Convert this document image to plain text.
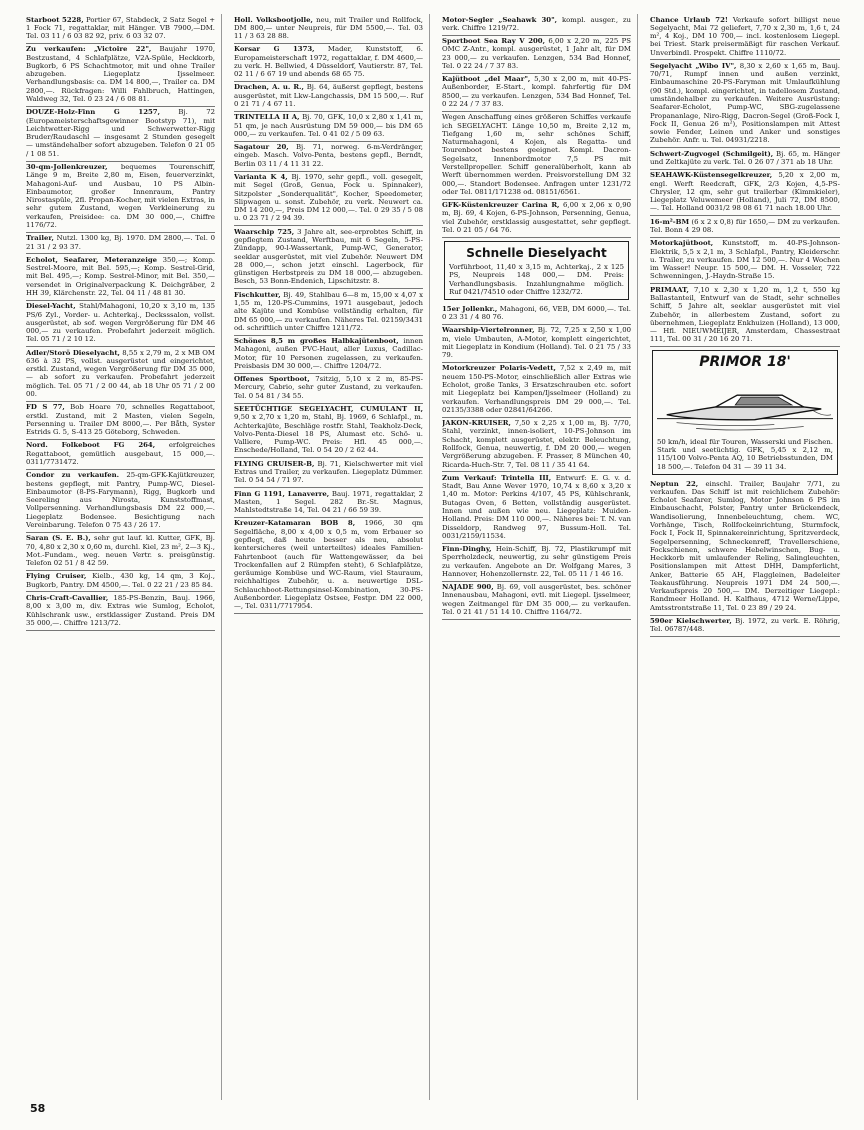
Starboot 5228, Portier 67, Stabdeck, 2 Satz Segel + 1 Fock 71, regattaklar, mit Hänger. VB 7900,—DM. Tel. 03 11 / 6 03 82 92, priv. 6 03 32 07.

Zu verkaufen: „Victoire 22", Baujahr 1970, Bestzustand, 4 Schlafplätze, V2A-Spüle, Heckkorb, Bugkorb, 6 PS Schachtmotor, mit und ohne Trailer abzugeben. Liegeplatz Ijsselmeer. Verhandlungsbasis: ca. DM 14 800,—, Trailer ca. DM 2800,—. Rückfragen: Willi Fahlbruch, Hattingen, Waldweg 32, Tel. 0 23 24 / 6 08 81.

DOUZE-Holz-Finn G 1257,	Bj. 72 (Europameisterschaftsgewinner Bootstyp 71), mit Leichtwetter-Rigg und Schwerwetter-Rigg Bruder/Raudaschl — insgesamt 2 Stunden gesegelt — umständehalber sofort abzugeben. Telefon 0 21 05 / 1 08 51.

30-qm-Jollenkreuzer, bequemes Tourenschiff, Länge 9 m, Breite 2,80 m, Eisen, feuerverzinkt, Mahagoni-Auf- und Ausbau, 10 PS Albin-Einbaumotor, großer Innenraum, Pantry Nirostaspüle, 2fl. Propan-Kocher, mit vielen Extras, in sehr gutem Zustand, wegen Verkleinerung zu verkaufen, Preisidee: ca. DM 30 000,—, Chiffre 1176/72.

Trailer, Nutzl. 1300 kg, Bj. 1970. DM 2800,—. Tel. 0 21 31 / 2 93 37.

Echolot, Seafarer, Meteranzeige 350,—; Komp. Sestrel-Moore, mit Bel. 595,—; Komp. Sestrel-Grid, mit Bel. 495,—; Komp. Sestrel-Minor, mit Bel. 350,— versendet in Originalverpackung K. Deichgräber, 2 HH 39, Klärchenstr. 22, Tel. 04 11 / 48 81 30.

Diesel-Yacht, Stahl/Mahagoni, 10,20 x 3,10 m, 135 PS/6 Zyl., Vorder- u. Achterkaj., Decksssalon, vollst. ausgerüstet, ab sof. wegen Vergrößerung für DM 46 000,— zu verkaufen. Probefahrt jederzeit möglich. Tel. 05 71 / 2 10 12.

Adler/Storö Dieselyacht, 8,55 x 2,79 m, 2 x MB OM 636 à 32 PS, vollst. ausgerüstet und eingerichtet, erstkl. Zustand, wegen Vergrößerung für DM 35 000,— ab sofort zu verkaufen. Probefahrt jederzeit möglich. Tel. 05 71 / 2 00 44, ab 18 Uhr 05 71 / 2 00 00.

FD S 77, Bob Hoare 70, schnelles Regattaboot, erstkl. Zustand, mit 2 Masten, vielen Segeln, Persenning u. Trailer DM 8000,—. Per Båth, Syster Estrids G. 5, S-413 25 Göteborg, Schweden.

Nord. Folkeboot FG 264, erfolgreiches Regattaboot, gemütlich ausgebaut, 15 000,—. 0311/7731472.

Condor zu verkaufen. 25-qm-GFK-Kajütkreuzer, bestens gepflegt, mit Pantry, Pump-WC, Diesel-Einbaumotor (8-PS-Farymann), Rigg, Bugkorb und Seereling aus Nirosta, Kunststoffmast, Vollpersenning. Verhandlungsbasis DM 22 000,—. Liegeplatz Bodensee. Besichtigung nach Vereinbarung. Telefon 0 75 43 / 26 17.

Saran (S. E. B.), sehr gut lauf. kl. Kutter, GFK, Bj. 70, 4,80 x 2,30 x 0,60 m, durchl. Kiel, 23 m², 2—3 Kj., Mot.-Fundam., weg. neuen Vertr. s. preisgünstig. Telefon 02 51 / 8 42 59.

Flying Cruiser, Kielb., 430 kg, 14 qm, 3 Koj., Bugkorb, Pantry. DM 4500,—. Tel. 0 22 21 / 23 85 84.

Chris-Craft-Cavallier, 185-PS-Benzin, Bauj. 1966, 8,00 x 3,00 m, div. Extras wie Sumlog, Echolot, Kühlschrank usw., erstklassiger Zustand. Preis DM 35 000,—. Chiffre 1213/72.

Holl. Volksbootjolle, neu, mit Trailer und Rollfock, DM 800,— unter Neupreis, für DM 5500,—. Tel. 03 11 / 3 63 28 88.

Korsar G 1373, Mader, Kunststoff, 6. Europameisterschaft 1972, regattaklar, f. DM 4600,— zu verk. H. Bellwied, 4 Düsseldorf, Vautierstr. 87, Tel. 02 11 / 6 67 19 und abends 68 65 75.

Drachen, A. u. R., Bj. 64, äußerst gepflegt, bestens ausgerüstet, mit Lkw-Langchassis, DM 15 500,—. Ruf 0 21 71 / 4 67 11.

TRINTELLA II A, Bj. 70, GFK, 10,0 x 2,80 x 1,41 m, 51 qm, je nach Ausrüstung DM 59 000,— bis DM 65 000,— zu verkaufen. Tel. 0 41 02 / 5 09 63.

Sagatour 20, Bj. 71, norweg. 6-m-Verdränger, eingeb. Masch. Volvo-Penta, bestens gepfl., Berndt, Berlin 03 11 / 4 11 31 22.

Varianta K 4, Bj. 1970, sehr gepfl., voll. gesegelt, mit Segel (Groß, Genua, Fock u. Spinnaker), Sitzpolster „Sonderqualität", Kocher, Speedometer, Slipwagen u. sonst. Zubehör, zu verk. Neuwert ca. DM 14 200,—, Preis DM 12 000,—. Tel. 0 29 35 / 5 08 u. 0 23 71 / 2 94 39.

Waarschip 725, 3 Jahre alt, see-erprobtes Schiff, in gepflegtem Zustand, Werftbau, mit 6 Segeln, 5-PS-Zündapp, 90-l-Wassertank, Pump-WC, Generator, seeklar ausgerüstet, mit viel Zubehör. Neuwert DM 28 000,—, schon jetzt einschl. Lagerbock, für günstigen Herbstpreis zu DM 18 000,— abzugeben. Besch, 53 Bonn-Endenich, Lipschitzstr. 8.

Fischkutter, Bj. 49, Stahlbau 6—8 m, 15,00 x 4,07 x 1,55 m, 120-PS-Cummins, 1971 ausgebaut, jedoch alte Kajüte und Kombüse vollständig erhalten, für DM 65 000,— zu verkaufen. Näheres Tel. 02159/3431 od. schriftlich unter Chiffre 1211/72.

Schönes 8,5 m großes Halbkajütenboot, innen Mahagoni, außen PVC-Haut, aller Luxus, Cadillac-Motor, für 10 Personen zugelassen, zu verkaufen. Preisbasis DM 30 000,—. Chiffre 1204/72.

Offenes Sportboot, 7sitzig, 5,10 x 2 m, 85-PS-Mercury, Cabrio, sehr guter Zustand, zu verkaufen. Tel. 0 54 81 / 34 55.

SEETÜCHTIGE SEGELYACHT, CUMULANT II, 9,50 x 2,70 x 1,20 m, Stahl, Bj. 1969, 6 Schlafpl., m. Achterkajüte, Beschläge rostfr. Stahl, Teakholz-Deck, Volvo-Penta-Diesel 18 PS, Alumast etc. Schö- u. Valliere, Pump-WC. Preis: Hfl. 45 000,—. Enschede/Holland, Tel. 0 54 20 / 2 62 44.

FLYING CRUISER-B, Bj. 71, Kielschwerter mit viel Extras und Trailer, zu verkaufen. Liegeplatz Dümmer. Tel. 0 54 54 / 71 97.

Finn G 1191, Lanaverre, Bauj. 1971, regattaklar, 2 Masten, 1 Segel. 282 Br.-St. Magnus, Mahlstedtstraße 14, Tel. 04 21 / 66 59 39.

Kreuzer-Katamaran BOB 8, 1966, 30 qm Segelfläche, 8,00 x 4,00 x 0,5 m, vom Erbauer so gepflegt, daß heute besser als neu, absolut kentersicheres (weil unterteiltes) ideales Familien-Fahrtenboot (auch für Wattengewässer, da bei Trockenfallen auf 2 Rümpfen steht), 6 Schlafplätze, geräumige Kombüse und WC-Raum, viel Stauraum, reichhaltiges Zubehör, u. a. neuwertige DSL-Schlauchboot-Rettungsinsel-Kombination, 30-PS-Außenborder. Liegeplatz Ostsee, Festpr. DM 22 000,—, Tel. 0311/7717954.

Motor-Segler „Seahawk 30", kompl. ausger., zu verk. Chiffre 1219/72.

Sportboot Sea Ray V 200, 6,00 x 2,20 m, 225 PS OMC Z-Antr., kompl. ausgerüstet, 1 Jahr alt, für DM 23 000,— zu verkaufen. Lenzgen, 534 Bad Honnef, Tel. 0 22 24 / 7 37 83.

Kajütboot „del Maar", 5,30 x 2,00 m, mit 40-PS-Außenborder, E-Start., kompl. fahrfertig für DM 8500,— zu verkaufen. Lenzgen, 534 Bad Honnef, Tel. 0 22 24 / 7 37 83.

Wegen Anschaffung eines größeren Schiffes verkaufe ich SEGELYACHT. Länge 10,50 m, Breite 2,12 m, Tiefgang 1,60 m, sehr schönes Schiff, Naturmahagoni, 4 Kojen, als Regatta- und Tourenboot bestens geeignet. Kompl. Dacron-Segelsatz, Innenbordmotor 7,5 PS mit Verstellpropeller. Schiff generalüberholt, kann ab Werft übernommen werden. Preisvorstellung DM 32 000,—. Standort Bodensee. Anfragen unter 1231/72 oder Tel. 0811/171238 od. 08151/6561.

GFK-Küstenkreuzer Carina R, 6,00 x 2,06 x 0,90 m, Bj. 69, 4 Kojen, 6-PS-Johnson, Persenning, Genua, viel Zubehör, erstklassig ausgestattet, sehr gepflegt. Tel. 0 21 05 / 64 76.

Schnelle Dieselyacht
Vorführboot, 11,40 x 3,15 m, Achterkaj., 2 x 125 PS, Neupreis 148 000,— DM. Preis: Verhandlungsbasis. Inzahlungnahme möglich. Ruf 0421/74510 oder Chiffre 1232/72.

15er Jollenkr., Mahagoni, 66, VEB, DM 6000,—. Tel. 0 23 31 / 4 80 76.

Waarship-Viertelronner, Bj. 72, 7,25 x 2,50 x 1,00 m, viele Umbauten, A-Motor, komplett eingerichtet, mit Liegeplatz in Kondium (Holland). Tel. 0 21 75 / 33 79.

Motorkreuzer Polaris-Vedett, 7,52 x 2,49 m, mit neuem 150-PS-Motor, einschließlich aller Extras wie Echolot, große Tanks, 3 Ersatzschrauben etc. sofort mit Liegeplatz bei Kampen/Ijsselmeer (Holland) zu verkaufen. Verhandlungspreis DM 29 000,—. Tel. 02135/3388 oder 02841/64266.

JAKON-KRUISER, 7,50 x 2,25 x 1,00 m, Bj. 7/70, Stahl, verzinkt, innen-isoliert, 10-PS-Johnson im Schacht, komplett ausgerüstet, elektr. Beleuchtung, Rollfock, Genua, neuwertig, f. DM 20 000,— wegen Vergrößerung abzugeben. F. Prasser, 8 München 40, Ricarda-Huch-Str. 7, Tel. 08 11 / 35 41 64.

Zum Verkauf: Trintella III, Entwurf: E. G. v. d. Stadt, Bau Anne Wever 1970, 10,74 x 8,60 x 3,20 x 1,40 m. Motor: Perkins 4/107, 45 PS, Kühlschrank, Butagas Oven, 6 Betten, vollständig ausgerüstet. Innen und außen wie neu. Liegeplatz: Muiden-Holland. Preis: DM 110 000,—. Näheres bei: T. N. van Disseldorp, Randweg 97, Bussum-Holl. Tel. 0031/2159/11534.

Finn-Dinghy, Hein-Schiff, Bj. 72, Plastikrumpf mit Sperrholzdeck, neuwertig, zu sehr günstigem Preis zu verkaufen. Angebote an Dr. Wolfgang Mares, 3 Hannover, Hohenzollernstr. 22, Tel. 05 11 / 1 46 16.

NAJADE 900, Bj. 69, voll ausgerüstet, bes. schöner Innenausbau, Mahagoni, evtl. mit Liegepl. Ijsselmeer, wegen Zeitmangel für DM 35 000,— zu verkaufen. Tel. 0 21 41 / 51 14 10. Chiffre 1164/72.

Chance Urlaub 72! Verkaufe sofort billigst neue Segelyacht, Mai 72 geliefert, 7,70 x 2,30 m, 1,6 t, 24 m², 4 Koj., DM 10 700,— incl. kostenlosem Liegepl. bei Triest. Stark preisermäßigt für raschen Verkauf. Unverbindl. Prospekt. Chiffre 1110/72.

Segelyacht „Wibo IV", 8,30 x 2,60 x 1,65 m, Bauj. 70/71, Rumpf innen und außen verzinkt, Einbaumaschine 20-PS-Faryman mit Umlaufkühlung (90 Std.), kompl. eingerichtet, in tadellosem Zustand, umständehalber zu verkaufen. Weitere Ausrüstung: Seafarer-Echolot, Pump-WC, SBG-zugelassene Propananlage, Niro-Rigg, Dacron-Segel (Groß-Fock I, Fock II, Genua 26 m²), Positionslampen mit Attest sowie Fender, Leinen und Anker und sonstiges Zubehör. Anfr. u. Tel. 04931/2218.

Schwert-Zugvogel (Schmilgeit), Bj. 65, m. Hänger und Zeltkajüte zu verk. Tel. 0 26 07 / 371 ab 18 Uhr.

SEAHAWK-Küstensegelkreuzer, 5,20 x 2,00 m, engl. Werft Reedcraft, GFK, 2/3 Kojen, 4,5-PS-Chrysler, 12 qm, sehr gut trailerbar (Kimmkieler), Liegeplatz Veluwemeer (Holland), Juli 72, DM 8500,—. Tel. Holland 0031/2 98 08 61 71 nach 18.00 Uhr.

16-m²-BM (6 x 2 x 0,8) für 1650,— DM zu verkaufen. Tel. Bonn 4 29 08.

Motorkajütboot, Kunststoff, m. 40-PS-Johnson-Elektrik, 5,5 x 2,1 m, 3 Schlafpl., Pantry, Kleiderschr. u. Trailer, zu verkaufen. DM 12 500,—. Nur 4 Wochen im Wasser! Neupr. 15 500,— DM. H. Vosseler, 722 Schwenningen, J.-Haydn-Straße 15.

PRIMAAT, 7,10 x 2,30 x 1,20 m, 1,2 t, 550 kg Ballastanteil, Entwurf van de Stadt, sehr schnelles Schiff, 5 Jahre alt, seeklar ausgerüstet mit viel Zubehör, in allerbestem Zustand, sofort zu übernehmen, Liegeplatz Enkhuizen (Holland), 13 000,— Hfl. NIEUWMEIJER, Amsterdam, Chassestraat 111, Tel. 00 31 / 20 16 20 71.

PRIMOR 18'
50 km/h, ideal für Touren, Wasserski und Fischen. Stark und seetüchtig. GFK, 5,45 x 2,12 m, 115/100 Volvo-Penta AQ, 10 Betriebsstunden, DM 18 500,—. Telefon 04 31 — 39 11 34.

Neptun 22, einschl. Trailer, Baujahr 7/71, zu verkaufen. Das Schiff ist mit reichlichem Zubehör: Echolot Seafarer, Sumlog, Motor Johnson 6 PS im Einbauschacht, Polster, Pantry unter Brückendeck, Wandisolierung, Innenbeleuchtung, chem. WC, Vorhänge, Tisch, Rollfockeinrichtung, Sturmfock, Fock I, Fock II, Spinnakereinrichtung, Spritzverdeck, Segelpersenning, Schneckenreff, Travellerschiene, Fockschienen, schwere Hebelwinschen, Bug- u. Heckkorb mit umlaufender Reling, Salingleuchten, Positionslampen mit Attest DHH, Dampferlicht, Anker, Batterie 65 AH, Flaggleinen, Badeleiter Teakausführung. Neupreis 1971 DM 24 500,—. Verkaufspreis 20 500,— DM. Derzeitiger Liegepl.: Randmeer Holland. H. Kalfhaus, 4712 Werne/Lippe, Amtsstrontstraße 11, Tel. 0 23 89 / 29 24.

590er Kielschwerter, Bj. 1972, zu verk. E. Röhrig, Tel. 06787/448.

58
